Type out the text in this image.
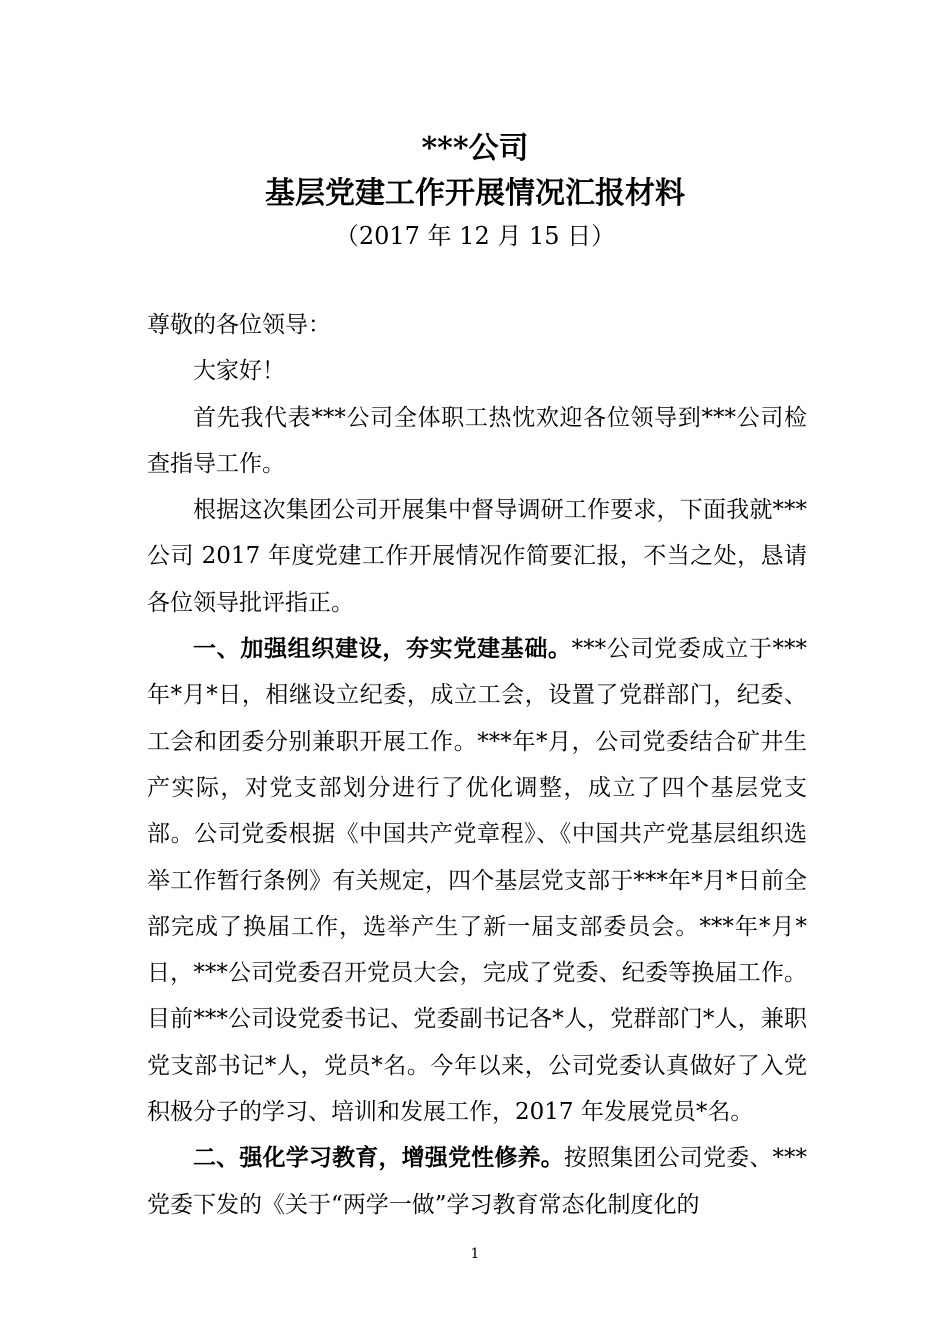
***公司
基层党建工作开展情况汇报材料
（2017 年 12 月 15 日）

尊敬的各位领导：

大家好！

首先我代表***公司全体职工热忱欢迎各位领导到***公司检查指导工作。

根据这次集团公司开展集中督导调研工作要求，下面我就***公司 2017 年度党建工作开展情况作简要汇报，不当之处，恳请各位领导批评指正。

一、加强组织建设，夯实党建基础。***公司党委成立于***年*月*日，相继设立纪委，成立工会，设置了党群部门，纪委、工会和团委分别兼职开展工作。***年*月，公司党委结合矿井生产实际，对党支部划分进行了优化调整，成立了四个基层党支部。公司党委根据《中国共产党章程》、《中国共产党基层组织选举工作暂行条例》有关规定，四个基层党支部于***年*月*日前全部完成了换届工作，选举产生了新一届支部委员会。***年*月*日，***公司党委召开党员大会，完成了党委、纪委等换届工作。目前***公司设党委书记、党委副书记各*人，党群部门*人，兼职党支部书记*人，党员*名。今年以来，公司党委认真做好了入党积极分子的学习、培训和发展工作，2017 年发展党员*名。

二、强化学习教育，增强党性修养。按照集团公司党委、***党委下发的《关于“两学一做”学习教育常态化制度化的

1
